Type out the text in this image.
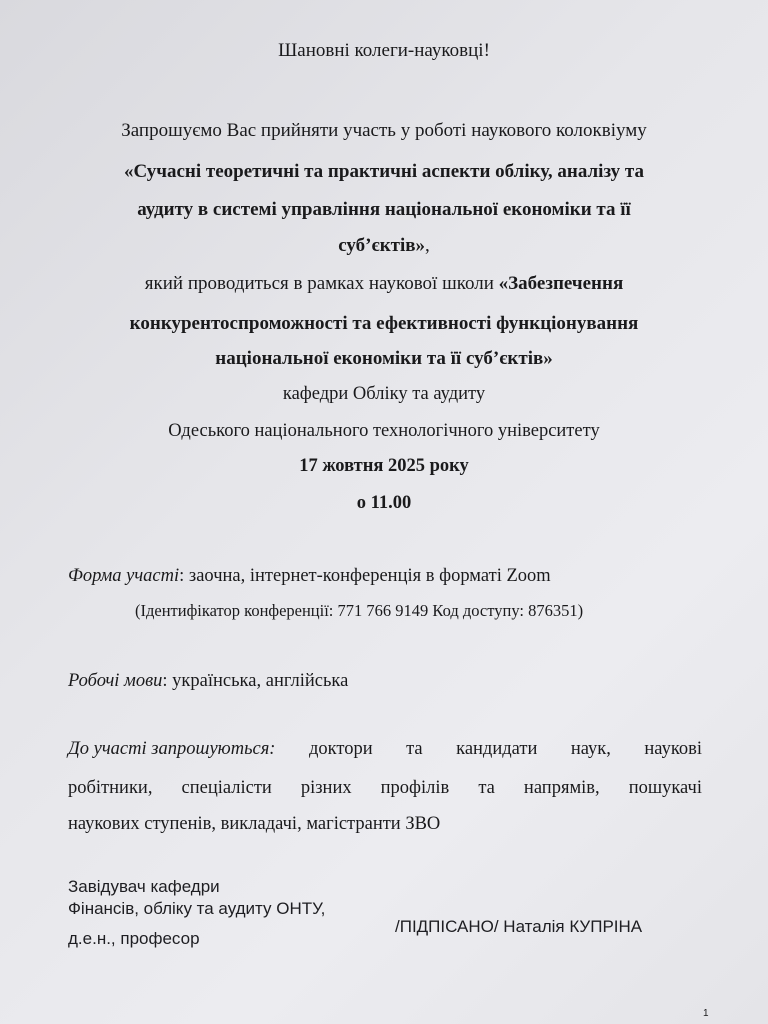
Шановні колеги-науковці!
Запрошуємо Вас прийняти участь у роботі наукового колоквіуму
«Сучасні теоретичні та практичні аспекти обліку, аналізу та
аудиту в системі управління національної економіки та її
суб’єктів»,
який проводиться в рамках наукової школи «Забезпечення
конкурентоспроможності та ефективності функціонування
національної економіки та її суб’єктів»
кафедри Обліку та аудиту
Одеського національного технологічного університету
17 жовтня 2025 року
о 11.00
Форма участі: заочна, інтернет-конференція в форматі Zoom
(Ідентифікатор конференції: 771 766 9149 Код доступу: 876351)
Робочі мови: українська, англійська
До участі запрошуються: доктори та кандидати наук, наукові
робітники, спеціалісти різних профілів та напрямів, пошукачі
наукових ступенів, викладачі, магістранти ЗВО
Завідувач кафедри
Фінансів, обліку та аудиту ОНТУ,
д.е.н., професор
/ПІДПІСАНО/ Наталія КУПРІНА
1
